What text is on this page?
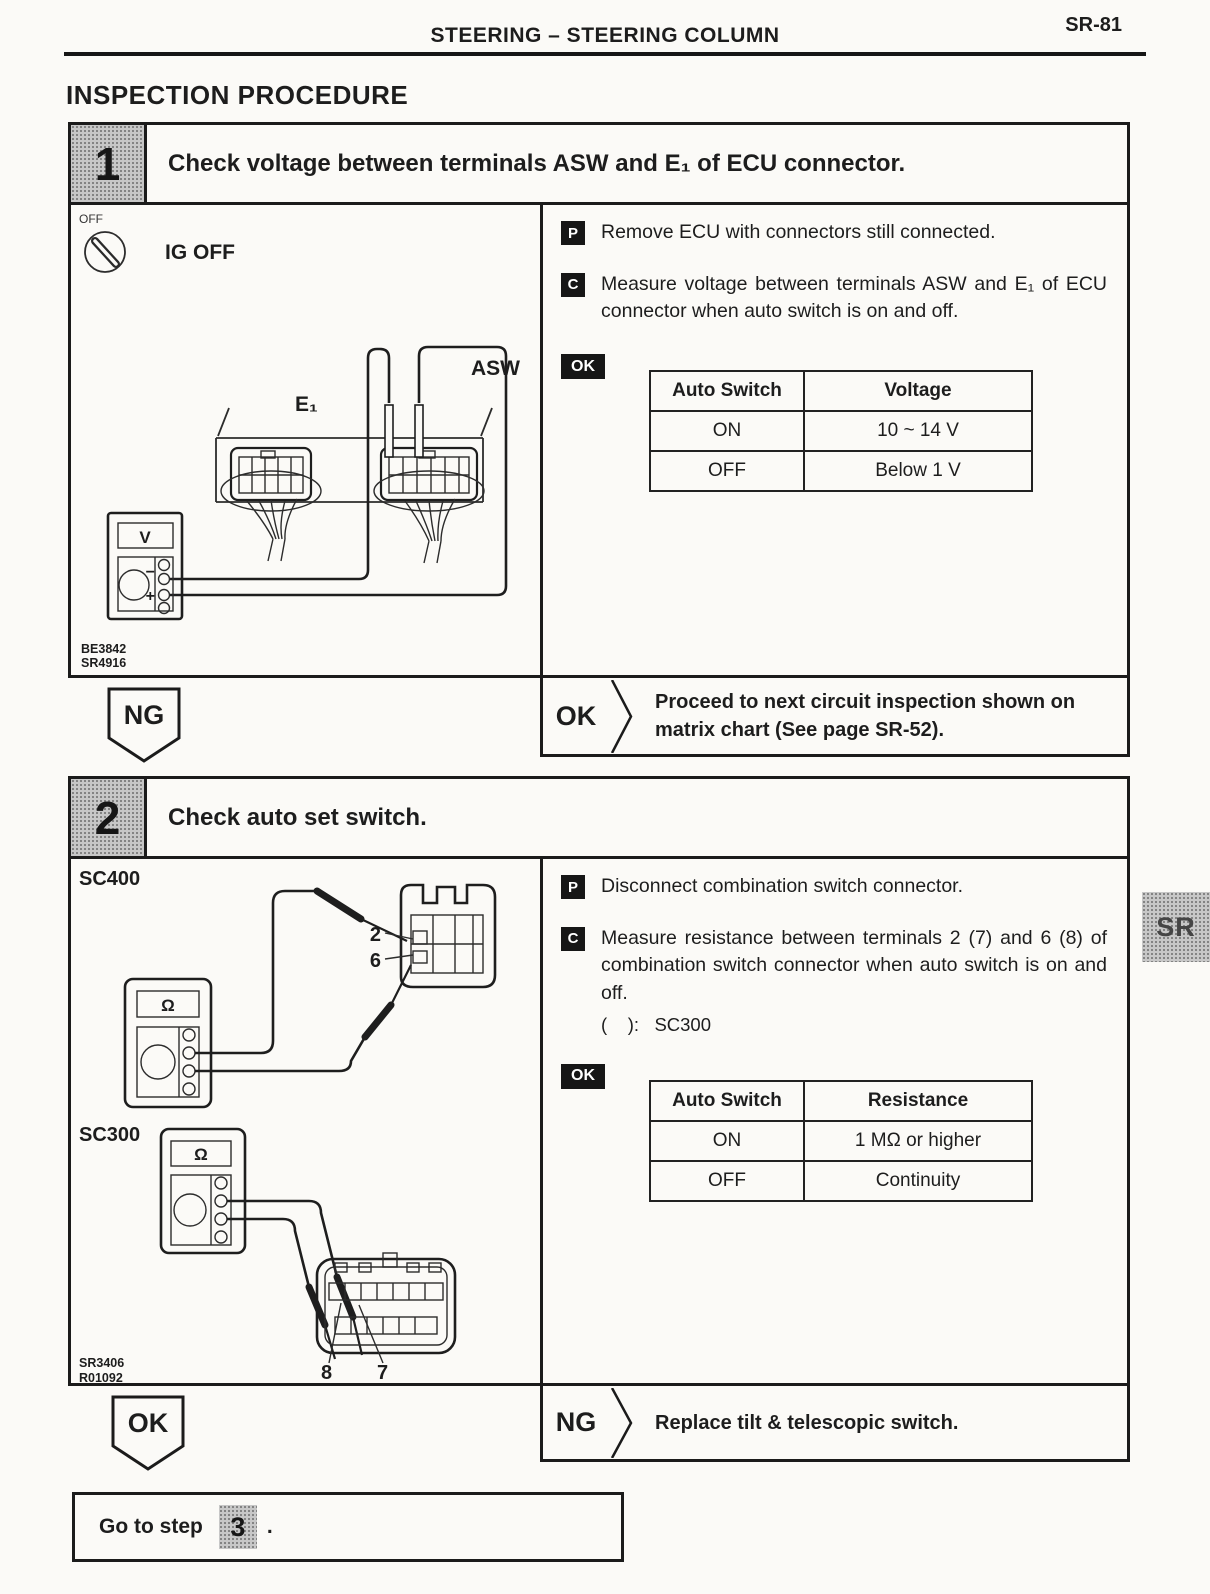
STEERING – STEERING COLUMN	SR-81
INSPECTION PROCEDURE
1	Check voltage between terminals ASW and E₁ of ECU connector.
OFF
IG OFF
E₁
ASW
V
−
+
BE3842
SR4916
P	Remove ECU with connectors still connected.
C	Measure voltage between terminals ASW and E₁ of ECU connector when auto switch is on and off.
OK
Auto Switch	Voltage
ON	10 ~ 14 V
OFF	Below 1 V
OK	Proceed to next circuit inspection shown on matrix chart (See page SR-52).
NG
2	Check auto set switch.
SC400
Ω
2
6
SC300
Ω
8 7
SR3406
R01092
P	Disconnect combination switch connector.
C	Measure resistance between terminals 2 (7) and 6 (8) of combination switch connector when auto switch is on and off.
(    ):   SC300
OK
Auto Switch	Resistance
ON	1 MΩ or higher
OFF	Continuity
NG	Replace tilt & telescopic switch.
OK
Go to step	3	.
SR
